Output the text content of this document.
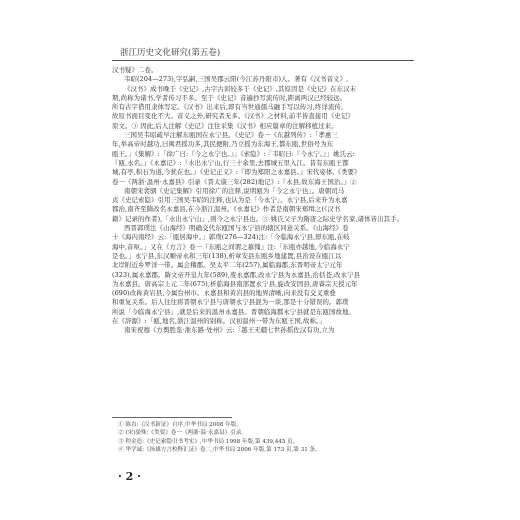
浙江历史文化研究(第五卷)
汉书疑》二卷。
韦昭(204—273),字弘嗣,三国吴郡云阳(今江苏丹阳市)人。著有《汉书音义》,
《汉书》成书晚于《史记》,古字古训较多于《史记》,其原因是《史记》在东汉末
期,尚称为诸书,学者传习不多。至于《史记》音遍抄写流传时,距离两汉已经较远。
所有古字借用隶体写定。《汉书》出来后,即有当世通儒马融手写以传习,终详流传,
故原书面目变化不大。音义之外,研究者无多。《汉书》之材料,前半皆直接用《史记》
原文。③ 因此,后人注解《史记》注往采集《汉书》相应篇章的注解移植过来。
三国吴韦昭疏早注解东瓯国在永宁县。《史记》卷一《东越列传》:「孝惠三
年,举高帝时越功,曰闽君摇功多,其民便附,乃立摇为东海王,都东瓯,世俗号为东
瓯王。」《集解》:「徐广曰:『今之永宁也。』」《索隐》:「韦昭曰:『今永宁。』」姚氏云:
『瓯,水名。』《永嘉记》:『水出永宁山,行三十余里,去郡城五里入江。昔有东瓯王都
城,有亭,积石为道,今犹在也。』《史记正义》:『即为郑阳之永嘉县。』宋代姿体,《类要》
卷一《两浙·温州·永嘉县》引录《晋太康三年(282)地记》:『永县,故东海王国治。』②
南朝宋裴骃《史记集解》引用徐广的注释,说明瓯为「今之永宁也」。唐朝司马
贞《史记索隐》引用三国吴韦昭的注释,也认为是「今永宁」。永宁县,后来升为永嘉
郡治,南齐至隋改名永嘉县,在今浙江温州。《永嘉记》作者是南朝宋郑缉之(《汉书
籍》记录的作者),「水出永宁山」,则今之永宁县也。③ 姚氏父子为隋唐之际史学名家,诸体皆出其手。
西晋郭璞注《山海经》明确交代东瓯国与永宁县的辖区同意关系。《山海经》卷
十《海内南经》云:「瓯居海中。」郭璞(276—324)注:「今临海永宁县,即东瓯,在岐
海中,音呕。」又在《方言》卷一『东瓯之间谓之慕憡』注:「东瓯亦越地,今临海永宁
是也。」永宁县,东汉顺帝永和三年(138),析章安县东瓯乡地建置,县治设在瓯江以
北岸附近乡罗洋一带。属会稽郡。吴太平二年(257),属临海郡,东晋明帝太宁元年
(323),属永嘉郡。隋文帝开皇九年(589),废永嘉郡,改永宁县为永嘉县,治括苍,改永宁县
为永嘉县。唐高宗上元二年(675),析临海县南部置永宁县,旋改安固县,唐睿宗天授元年
(690)改称黄岩县,今属台州市。永嘉县和黄岩县的地界清晰,向来没有交叉重叠
和重复关系。后人往往将晋朝永宁县与唐朝永宁县混为一谈,那是十分错误的。郭璞
所说「今临海永宁县」,就是后来的温州永嘉县。晋朝临海郡永宁县就是东瓯国故地。
在《辞源》:「瓯,地名,浙江温州的别称。汉初温州一带为东瓯王国,故称。」
南宋祝穆《方舆胜览·浙东路·处州》云:「越王无疆七世孙摇佐汉有功,立为
① 陈直:《汉书新证》自序,中华书局 2008 年版。
② (宋)晏殊:《类要》卷一《两浙·温·永嘉县》引录。
③ 程金造:《史记索隐引书考实》,中华书局 1998 年版,第 439,445 页。
④ 华学诚:《扬雄方言校释汇证》卷二,中华书局 2006 年版,第 173 页,第 31 条。
· 2 ·
